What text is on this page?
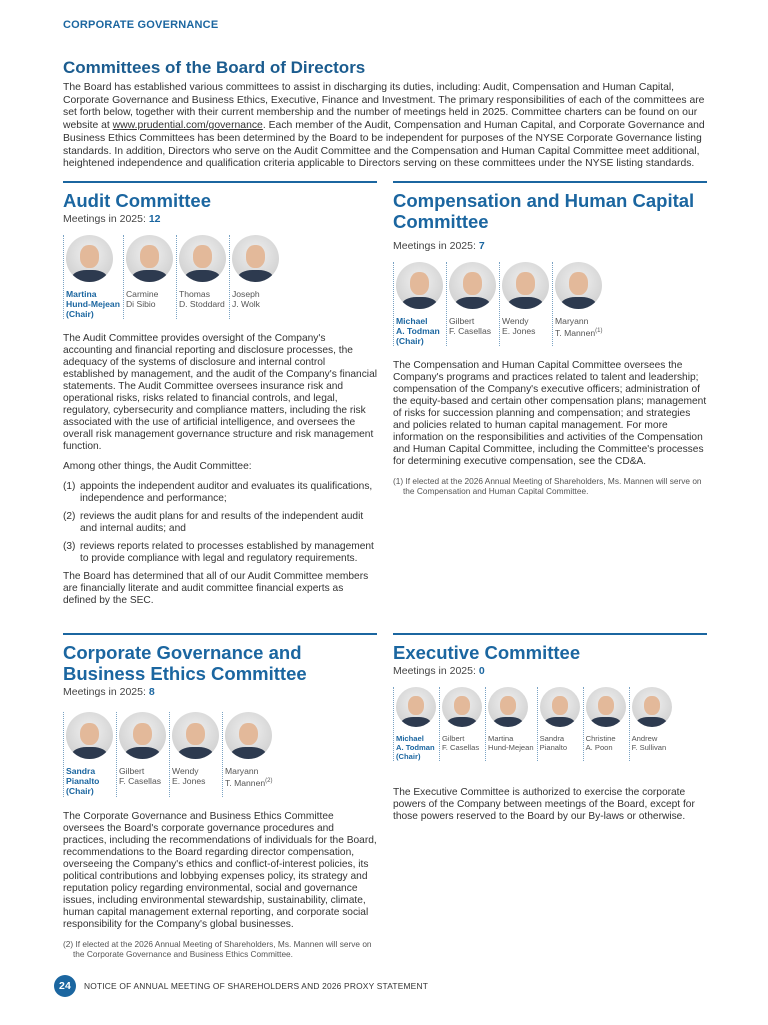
CORPORATE GOVERNANCE
Committees of the Board of Directors
The Board has established various committees to assist in discharging its duties, including: Audit, Compensation and Human Capital, Corporate Governance and Business Ethics, Executive, Finance and Investment. The primary responsibilities of each of the committees are set forth below, together with their current membership and the number of meetings held in 2025. Committee charters can be found on our website at www.prudential.com/governance. Each member of the Audit, Compensation and Human Capital, and Corporate Governance and Business Ethics Committees has been determined by the Board to be independent for purposes of the NYSE Corporate Governance listing standards. In addition, Directors who serve on the Audit Committee and the Compensation and Human Capital Committee meet additional, heightened independence and qualification criteria applicable to Directors serving on these committees under the NYSE listing standards.
Audit Committee
Meetings in 2025: 12
Martina
Hund-Mejean
(Chair)
Carmine
Di Sibio
Thomas
D. Stoddard
Joseph
J. Wolk

The Audit Committee provides oversight of the Company's accounting and financial reporting and disclosure processes, the adequacy of the systems of disclosure and internal control established by management, and the audit of the Company's financial statements. The Audit Committee oversees insurance risk and operational risks, risks related to financial controls, and legal, regulatory, cybersecurity and compliance matters, including the risk associated with the use of artificial intelligence, and oversees the overall risk management governance structure and risk management function.

Among other things, the Audit Committee:

(1) appoints the independent auditor and evaluates its qualifications, independence and performance;
(2) reviews the audit plans for and results of the independent audit and internal audits; and
(3) reviews reports related to processes established by management to provide compliance with legal and regulatory requirements.

The Board has determined that all of our Audit Committee members are financially literate and audit committee financial experts as defined by the SEC.

Compensation and Human Capital Committee
Meetings in 2025: 7
Michael
A. Todman
(Chair)
Gilbert
F. Casellas
Wendy
E. Jones
Maryann
T. Mannen$^{(1)}$

The Compensation and Human Capital Committee oversees the Company's programs and practices related to talent and leadership; compensation of the Company's executive officers; administration of the equity-based and certain other compensation plans; management of risks for succession planning and compensation; and strategies and policies related to human capital management. For more information on the responsibilities and activities of the Compensation and Human Capital Committee, including the Committee's processes for determining executive compensation, see the CD&A.

(1) If elected at the 2026 Annual Meeting of Shareholders, Ms. Mannen will serve on the Compensation and Human Capital Committee.
Corporate Governance and Business Ethics Committee
Meetings in 2025: 8
Sandra
Pianalto
(Chair)
Gilbert
F. Casellas
Wendy
E. Jones
Maryann
T. Mannen$^{(2)}$

The Corporate Governance and Business Ethics Committee oversees the Board's corporate governance procedures and practices, including the recommendations of individuals for the Board, recommendations to the Board regarding director compensation, overseeing the Company's ethics and conflict-of-interest policies, its political contributions and lobbying expenses policy, its strategy and reputation policy regarding environmental, social and governance issues, including environmental stewardship, sustainability, climate, human capital management external reporting, and corporate social responsibility for the Company's global businesses.

(2) If elected at the 2026 Annual Meeting of Shareholders, Ms. Mannen will serve on the Corporate Governance and Business Ethics Committee.
Executive Committee
Meetings in 2025: 0
Michael
A. Todman
(Chair)
Gilbert
F. Casellas
Martina
Hund-Mejean
Sandra
Pianalto
Christine
A. Poon
Andrew
F. Sullivan

The Executive Committee is authorized to exercise the corporate powers of the Company between meetings of the Board, except for those powers reserved to the Board by our By-laws or otherwise.

24	NOTICE OF ANNUAL MEETING OF SHAREHOLDERS AND 2026 PROXY STATEMENT
